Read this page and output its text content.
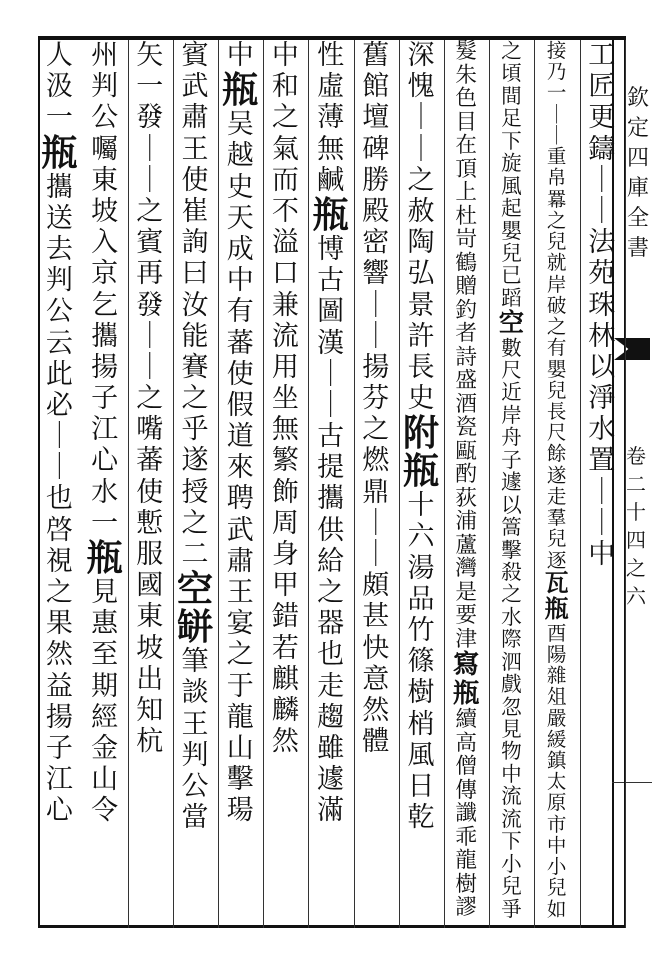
欽
定
四
庫
全
書
卷
二
十
四
之
六
工
匠
更
鑄
｜
｜
法
苑
珠
林
以
淨
水
置
｜
｜
中
接
乃
一
｜
｜
重
帛
羃
之
兒
就
岸
破
之
有
嬰
兒
長
尺
餘
遂
走
羣
兒
逐
瓦
瓶
酉
陽
雜
俎
嚴
緩
鎮
太
原
市
中
小
兒
如
之
頃
間
足
下
旋
風
起
嬰
兒
已
蹈
空
數
尺
近
岸
舟
子
遽
以
篙
擊
殺
之
水
際
泗
戲
忽
見
物
中
流
流
下
小
兒
爭
髮
朱
色
目
在
頂
上
杜
岢
鶴
贈
釣
者
詩
盛
酒
瓷
甌
酌
荻
浦
蘆
灣
是
要
津
寫
瓶
續
高
僧
傳
讖
乖
龍
樹
謬
深
愧
｜
｜
之
赦
陶
弘
景
許
長
史
附
瓶
十
六
湯
品
竹
篠
樹
梢
風
日
乾
舊
館
壇
碑
勝
殿
密
響
｜
｜
揚
芬
之
燃
鼎
｜
｜
頗
甚
快
意
然
體
性
虛
薄
無
鹹
瓶
博
古
圖
漢
｜
｜
古
提
攜
供
給
之
器
也
走
趨
雖
遽
滿
中
和
之
氣
而
不
溢
口
兼
流
用
坐
無
繁
飾
周
身
甲
錯
若
麒
麟
然
中
瓶
吴
越
史
天
成
中
有
蕃
使
假
道
來
聘
武
肅
王
宴
之
于
龍
山
擊
瑒
賓
武
肅
王
使
崔
詢
曰
汝
能
賽
之
乎
遂
授
之
二
空
缾
筆
談
王
判
公
當
矢
一
發
｜
｜
之
賓
再
發
｜
｜
之
嘴
蕃
使
慙
服
國
東
坡
出
知
杭
州
判
公
囑
東
坡
入
京
乞
攜
揚
子
江
心
水
一
瓶
見
惠
至
期
經
金
山
令
人
汲
一
瓶
攜
送
去
判
公
云
此
必
｜
｜
也
啓
視
之
果
然
益
揚
子
江
心
